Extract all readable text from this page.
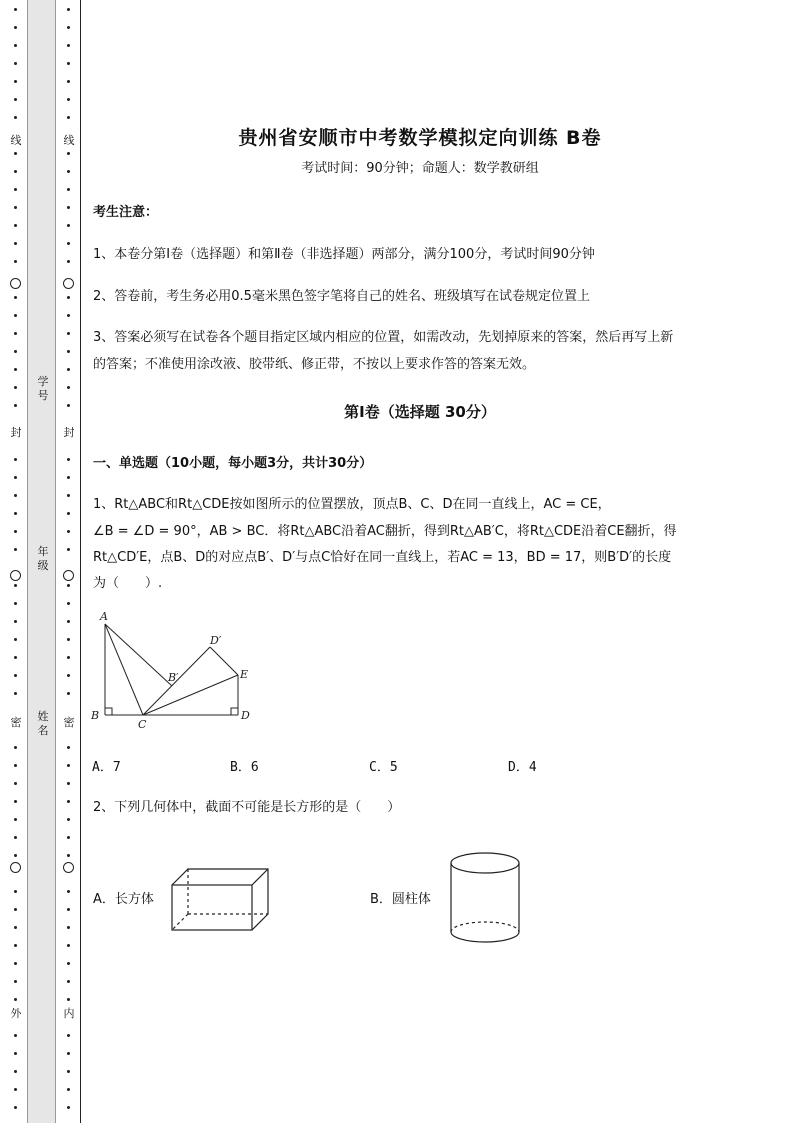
线
封
密
外
线
封
密
内
学号
年级
姓名
贵州省安顺市中考数学模拟定向训练 B卷
考试时间：90分钟；命题人：数学教研组
考生注意：
1、本卷分第Ⅰ卷（选择题）和第Ⅱ卷（非选择题）两部分，满分100分，考试时间90分钟
2、答卷前，考生务必用0.5毫米黑色签字笔将自己的姓名、班级填写在试卷规定位置上
3、答案必须写在试卷各个题目指定区域内相应的位置，如需改动，先划掉原来的答案，然后再写上新
的答案；不准使用涂改液、胶带纸、修正带，不按以上要求作答的答案无效。
第Ⅰ卷（选择题 30分）
一、单选题（10小题，每小题3分，共计30分）
1、Rt△ABC和Rt△CDE按如图所示的位置摆放，顶点B、C、D在同一直线上，AC = CE，
∠B = ∠D = 90°，AB > BC．将Rt△ABC沿着AC翻折，得到Rt△AB′C，将Rt△CDE沿着CE翻折，得
Rt△CD′E，点B、D的对应点B′、D′与点C恰好在同一直线上，若AC = 13，BD = 17，则B′D′的长度
为（　　）.
A
B
C
D
E
B′
D′
A．7	B．6	C．5	D．4
2、下列几何体中，截面不可能是长方形的是（　　）
A．长方体	B．圆柱体
